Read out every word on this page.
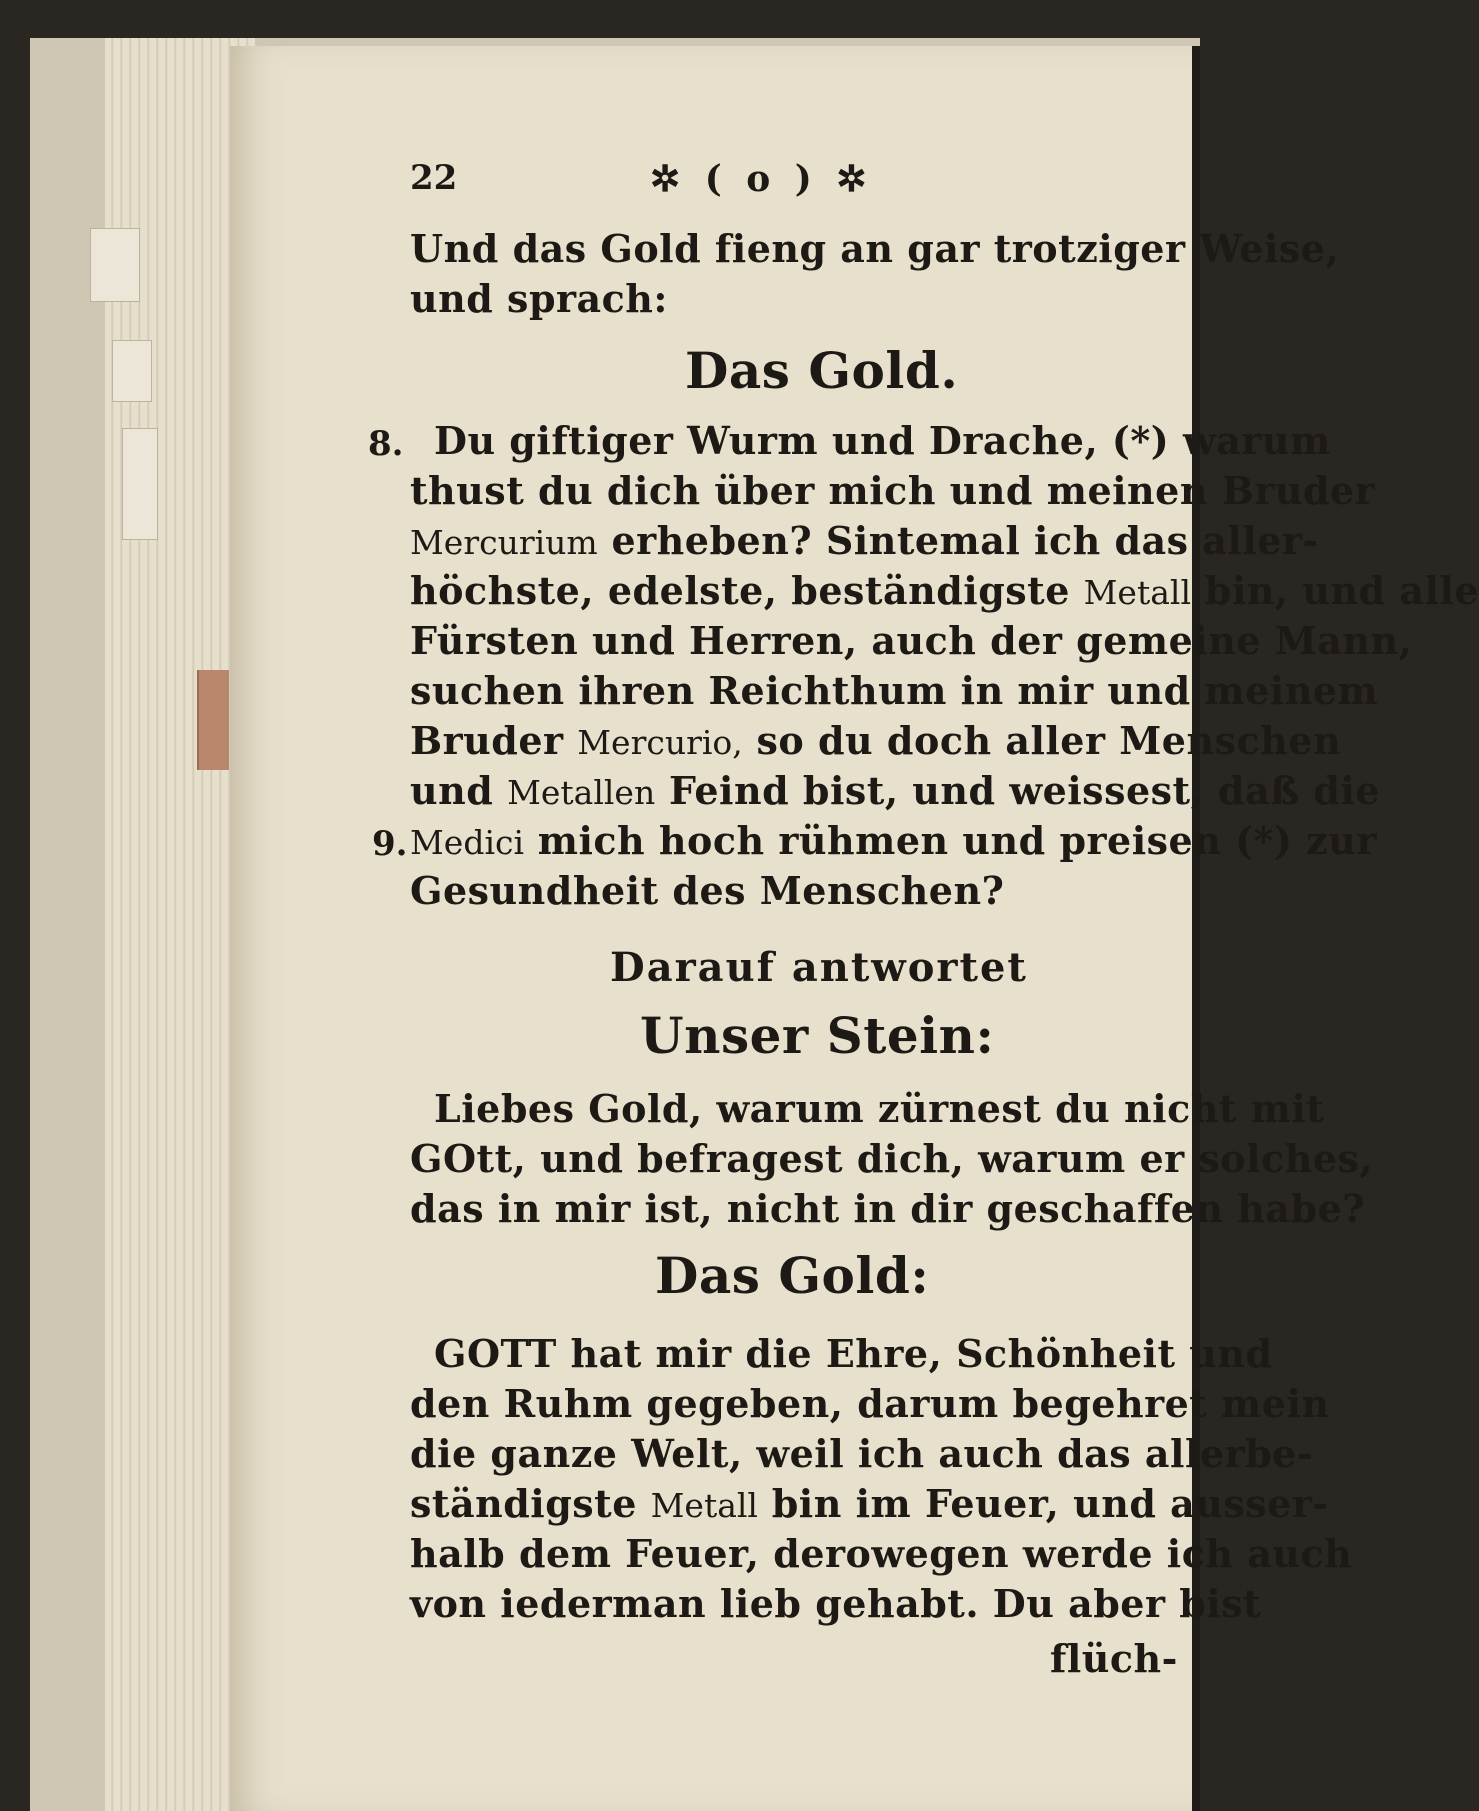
22	✲ ( o ) ✲
Und das Gold fieng an gar trotziger Weise,
und sprach:
Das Gold.
8. Du giftiger Wurm und Drache, (*) warum
thust du dich über mich und meinen Bruder
Mercurium erheben? Sintemal ich das aller-
höchste, edelste, beständigste Metall bin, und alle
Fürsten und Herren, auch der gemeine Mann,
suchen ihren Reichthum in mir und meinem
Bruder Mercurio, so du doch aller Menschen
und Metallen Feind bist, und weissest, daß die
9. Medici mich hoch rühmen und preisen (*) zur
Gesundheit des Menschen?
Darauf antwortet
Unser Stein:
Liebes Gold, warum zürnest du nicht mit
GOtt, und befragest dich, warum er solches,
das in mir ist, nicht in dir geschaffen habe?
Das Gold:
GOTT hat mir die Ehre, Schönheit und
den Ruhm gegeben, darum begehret mein
die ganze Welt, weil ich auch das allerbe-
ständigste Metall bin im Feuer, und ausser-
halb dem Feuer, derowegen werde ich auch
von iederman lieb gehabt. Du aber bist
flüch-
